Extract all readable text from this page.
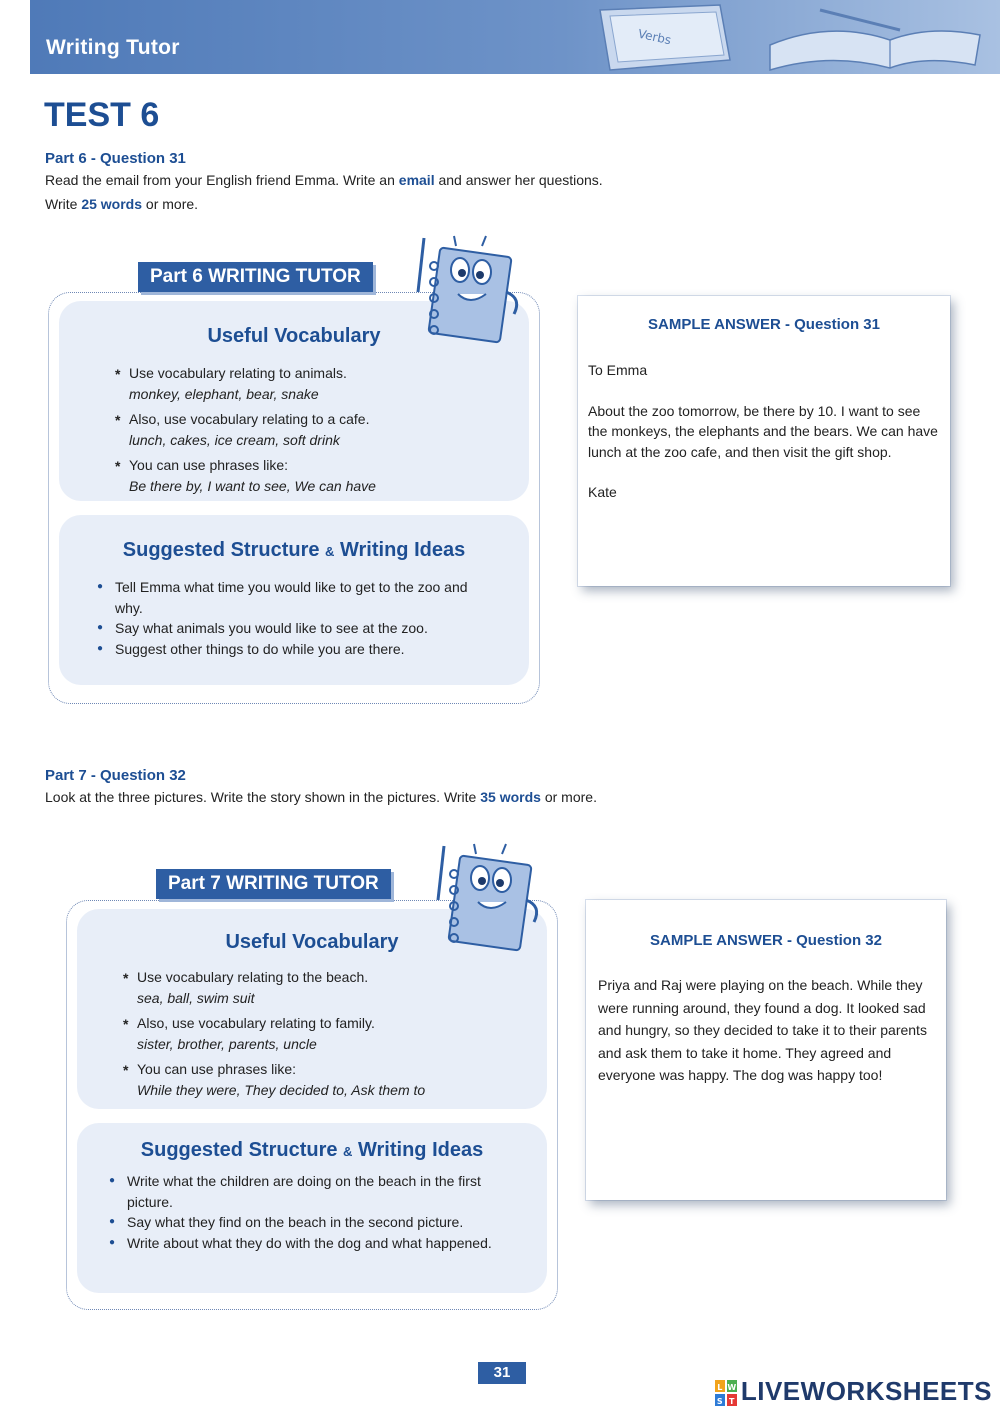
Writing Tutor	Verbs
TEST 6
Part 6 - Question 31
Read the email from your English friend Emma. Write an email and answer her questions.
Write 25 words or more.
Useful Vocabulary
* Use vocabulary relating to animals.
monkey, elephant, bear, snake
* Also, use vocabulary relating to a cafe.
lunch, cakes, ice cream, soft drink
* You can use phrases like:
Be there by, I want to see, We can have
Suggested Structure & Writing Ideas
● Tell Emma what time you would like to get to the zoo and why.
● Say what animals you would like to see at the zoo.
● Suggest other things to do while you are there.
Part 6 WRITING TUTOR
SAMPLE ANSWER - Question 31

To Emma

About the zoo tomorrow, be there by 10. I want to see the monkeys, the elephants and the bears. We can have lunch at the zoo cafe, and then visit the gift shop.

Kate

Part 7 - Question 32
Look at the three pictures. Write the story shown in the pictures. Write 35 words or more.
Useful Vocabulary
* Use vocabulary relating to the beach.
sea, ball, swim suit
* Also, use vocabulary relating to family.
sister, brother, parents, uncle
* You can use phrases like:
While they were, They decided to, Ask them to
Suggested Structure & Writing Ideas
● Write what the children are doing on the beach in the first picture.
● Say what they find on the beach in the second picture.
● Write about what they do with the dog and what happened.
Part 7 WRITING TUTOR
SAMPLE ANSWER - Question 32

Priya and Raj were playing on the beach. While they were running around, they found a dog. It looked sad and hungry, so they decided to take it to their parents and ask them to take it home. They agreed and everyone was happy. The dog was happy too!

31
L W
S T LIVEWORKSHEETS
